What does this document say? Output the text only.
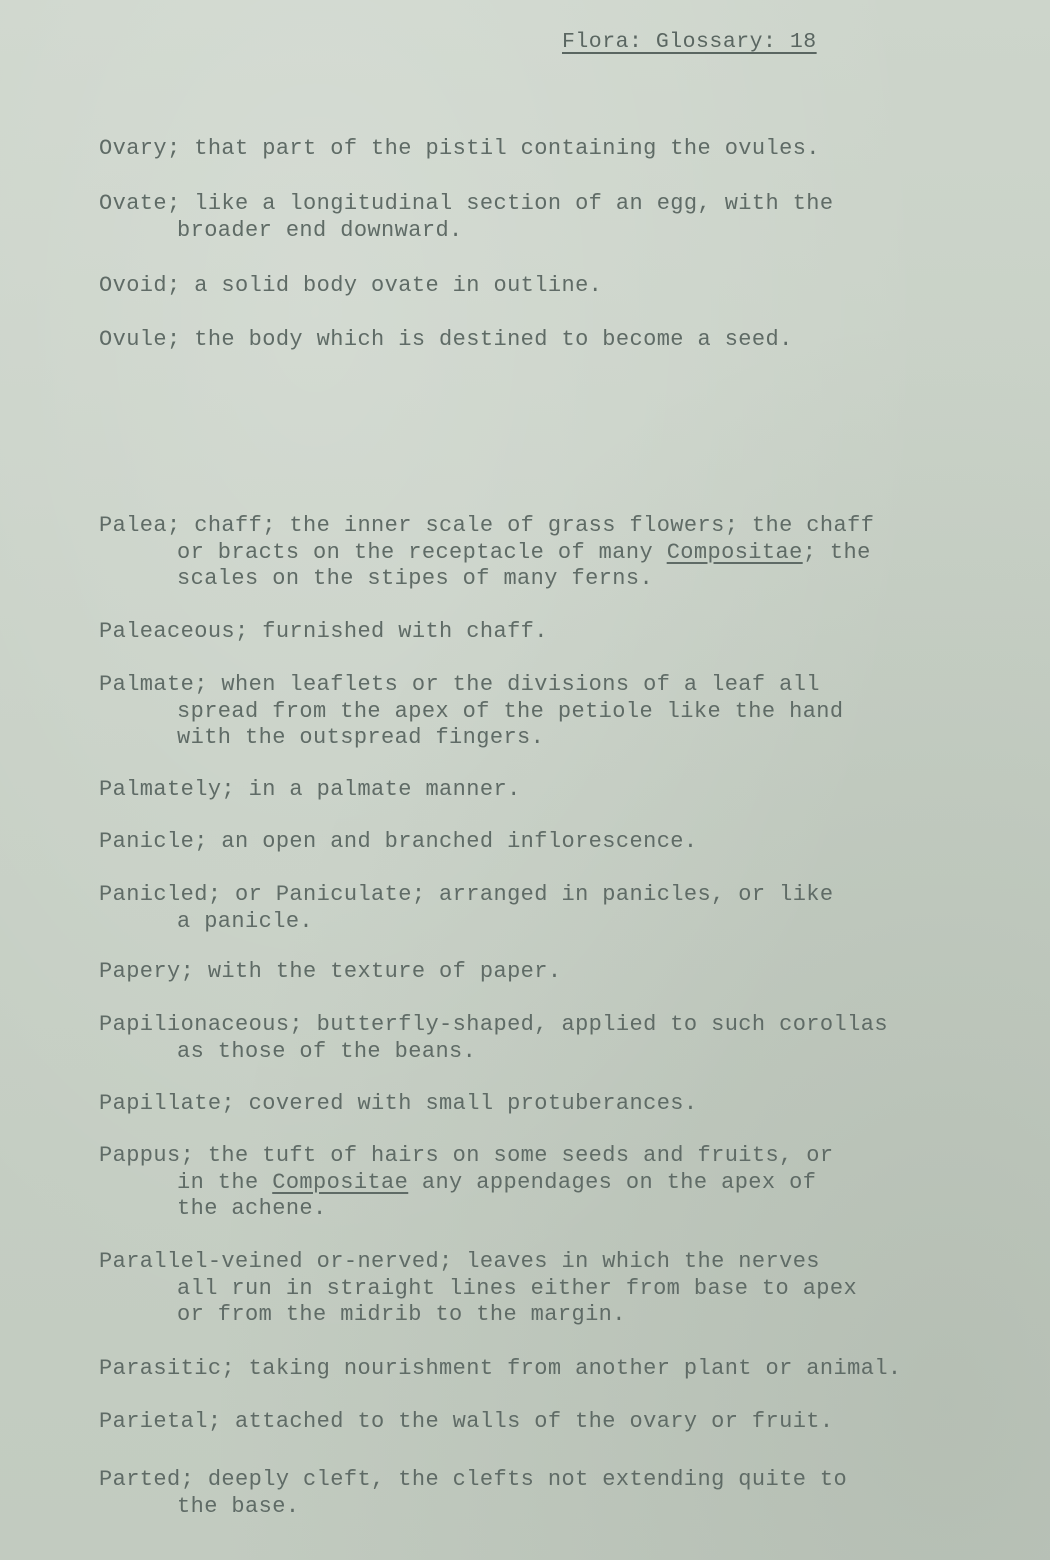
Flora: Glossary: 18

Ovary; that part of the pistil containing the ovules.

Ovate; like a longitudinal section of an egg, with the
broader end downward.

Ovoid; a solid body ovate in outline.

Ovule; the body which is destined to become a seed.

Palea; chaff; the inner scale of grass flowers; the chaff
or bracts on the receptacle of many Compositae; the
scales on the stipes of many ferns.

Paleaceous; furnished with chaff.

Palmate; when leaflets or the divisions of a leaf all
spread from the apex of the petiole like the hand
with the outspread fingers.

Palmately; in a palmate manner.

Panicle; an open and branched inflorescence.

Panicled; or Paniculate; arranged in panicles, or like
a panicle.

Papery; with the texture of paper.

Papilionaceous; butterfly-shaped, applied to such corollas
as those of the beans.

Papillate; covered with small protuberances.

Pappus; the tuft of hairs on some seeds and fruits, or
in the Compositae any appendages on the apex of
the achene.

Parallel-veined or-nerved; leaves in which the nerves
all run in straight lines either from base to apex
or from the midrib to the margin.

Parasitic; taking nourishment from another plant or animal.

Parietal; attached to the walls of the ovary or fruit.

Parted; deeply cleft, the clefts not extending quite to
the base.
